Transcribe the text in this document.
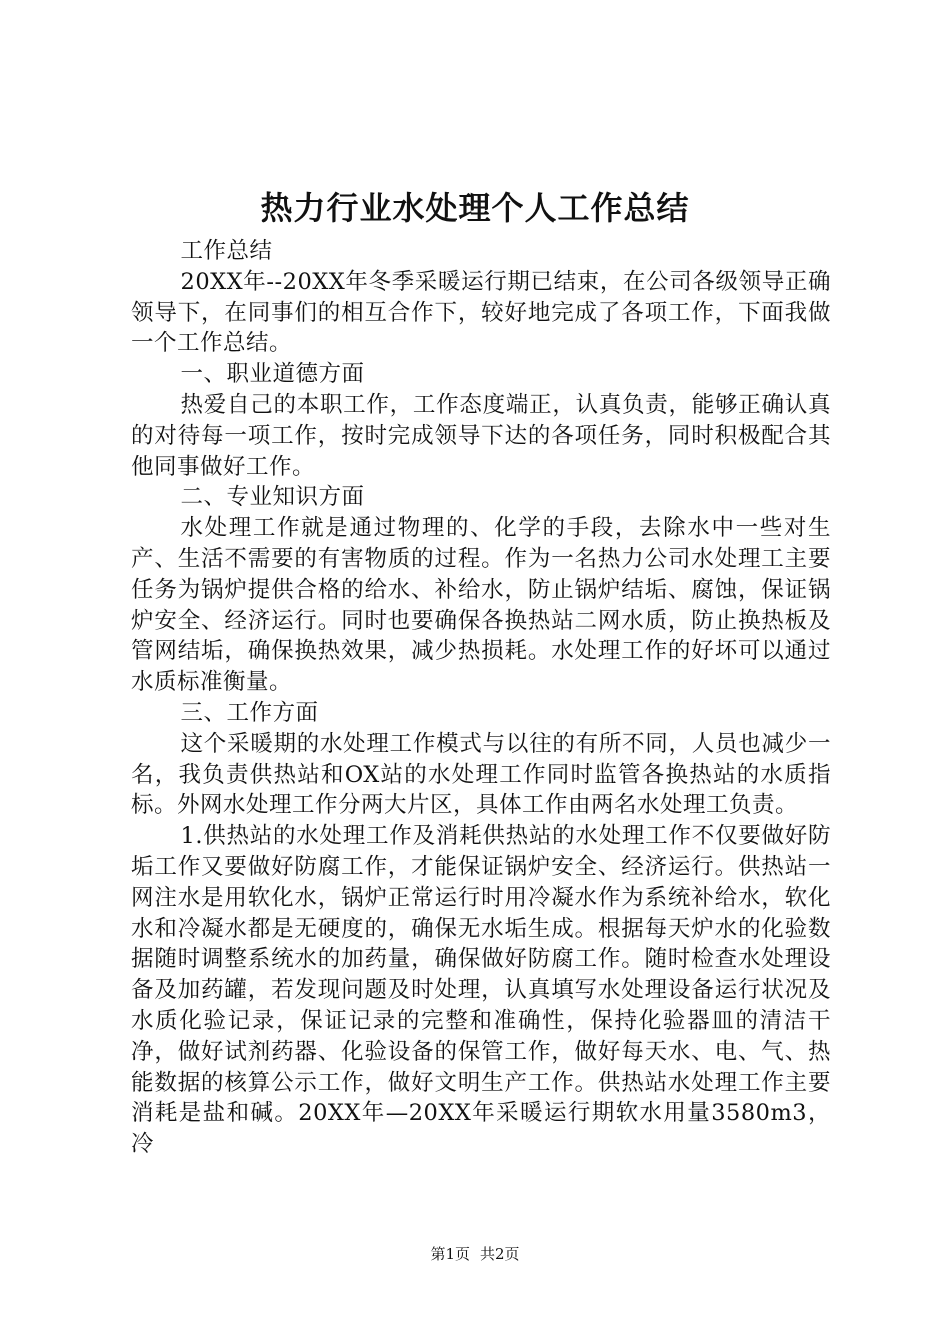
热力行业水处理个人工作总结

工作总结

20XX年--20XX年冬季采暖运行期已结束，在公司各级领导正确领导下，在同事们的相互合作下，较好地完成了各项工作，下面我做一个工作总结。

一、职业道德方面

热爱自己的本职工作，工作态度端正，认真负责，能够正确认真的对待每一项工作，按时完成领导下达的各项任务，同时积极配合其他同事做好工作。

二、专业知识方面

水处理工作就是通过物理的、化学的手段，去除水中一些对生产、生活不需要的有害物质的过程。作为一名热力公司水处理工主要任务为锅炉提供合格的给水、补给水，防止锅炉结垢、腐蚀，保证锅炉安全、经济运行。同时也要确保各换热站二网水质，防止换热板及管网结垢，确保换热效果，减少热损耗。水处理工作的好坏可以通过水质标准衡量。

三、工作方面

这个采暖期的水处理工作模式与以往的有所不同，人员也减少一名，我负责供热站和OX站的水处理工作同时监管各换热站的水质指标。外网水处理工作分两大片区，具体工作由两名水处理工负责。

1.供热站的水处理工作及消耗供热站的水处理工作不仅要做好防垢工作又要做好防腐工作，才能保证锅炉安全、经济运行。供热站一网注水是用软化水，锅炉正常运行时用冷凝水作为系统补给水，软化水和冷凝水都是无硬度的，确保无水垢生成。根据每天炉水的化验数据随时调整系统水的加药量，确保做好防腐工作。随时检查水处理设备及加药罐，若发现问题及时处理，认真填写水处理设备运行状况及水质化验记录，保证记录的完整和准确性，保持化验器皿的清洁干净，做好试剂药器、化验设备的保管工作，做好每天水、电、气、热能数据的核算公示工作，做好文明生产工作。供热站水处理工作主要消耗是盐和碱。20XX年—20XX年采暖运行期软水用量3580m3，冷

第1页 共2页
